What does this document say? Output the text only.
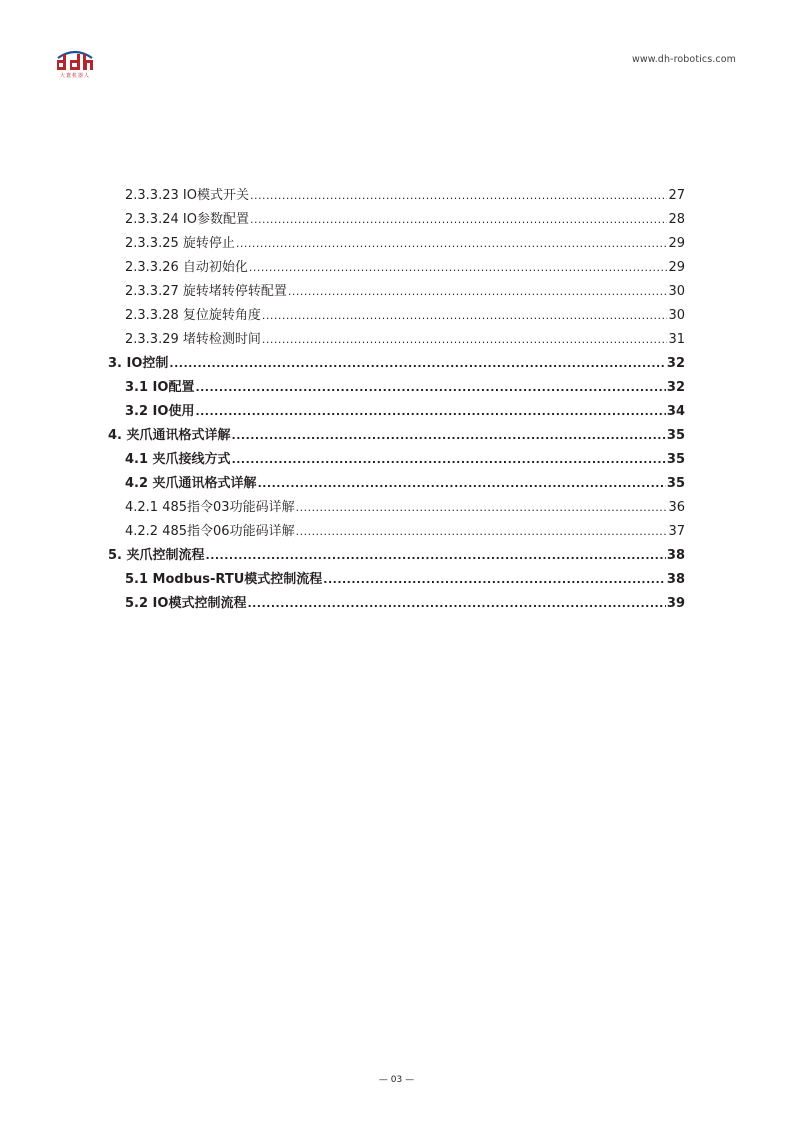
大寰机器人
www.dh-robotics.com
2.3.3.23 IO模式开关 .....	27
2.3.3.24 IO参数配置 .....	28
2.3.3.25 旋转停止 .....	29
2.3.3.26 自动初始化 .....	29
2.3.3.27 旋转堵转停转配置 .....	30
2.3.3.28 复位旋转角度 .....	30
2.3.3.29 堵转检测时间 .....	31
3. IO控制 .....	32
3.1 IO配置 .....	32
3.2 IO使用 .....	34
4. 夹爪通讯格式详解 .....	35
4.1 夹爪接线方式 .....	35
4.2 夹爪通讯格式详解 .....	35
4.2.1 485指令03功能码详解 .....	36
4.2.2 485指令06功能码详解 .....	37
5. 夹爪控制流程 .....	38
5.1 Modbus-RTU模式控制流程 .....	38
5.2 IO模式控制流程 .....	39
— 03 —
